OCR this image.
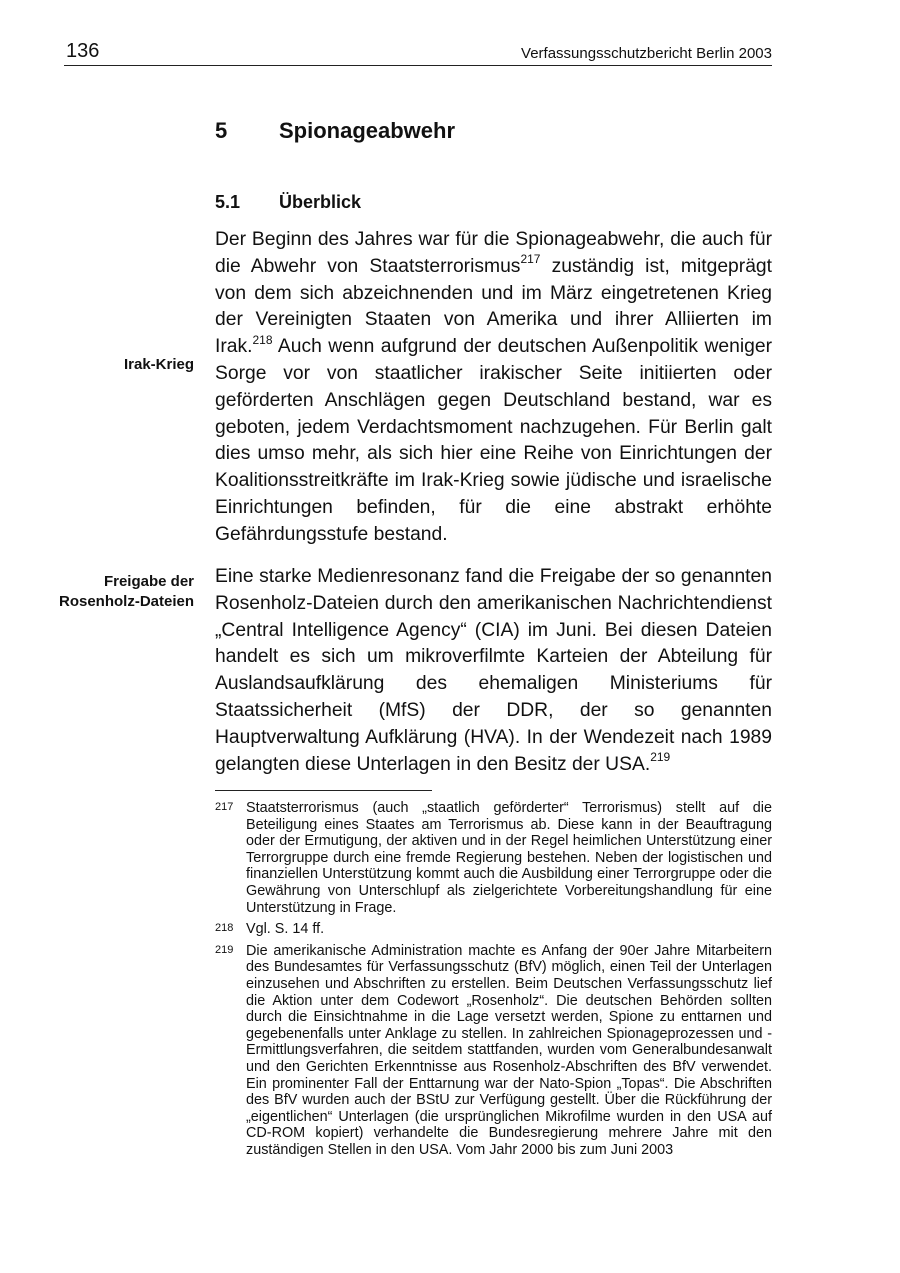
136	Verfassungsschutzbericht Berlin 2003
5 Spionageabwehr
5.1 Überblick
Irak-Krieg
Freigabe der
Rosenholz-Dateien

Der Beginn des Jahres war für die Spionageabwehr, die auch für die Abwehr von Staatsterrorismus$^{217}$ zuständig ist, mitgeprägt von dem sich abzeichnenden und im März eingetretenen Krieg der Vereinigten Staaten von Amerika und ihrer Alliierten im Irak.$^{218}$ Auch wenn aufgrund der deutschen Außenpolitik weniger Sorge vor von staatlicher irakischer Seite initiierten oder geförderten Anschlägen gegen Deutschland bestand, war es geboten, jedem Verdachtsmoment nachzugehen. Für Berlin galt dies umso mehr, als sich hier eine Reihe von Einrichtungen der Koalitionsstreitkräfte im Irak-Krieg sowie jüdische und israelische Einrichtungen befinden, für die eine abstrakt erhöhte Gefährdungsstufe bestand.

Eine starke Medienresonanz fand die Freigabe der so genannten Rosenholz-Dateien durch den amerikanischen Nachrichtendienst „Central Intelligence Agency“ (CIA) im Juni. Bei diesen Dateien handelt es sich um mikroverfilmte Karteien der Abteilung für Auslandsaufklärung des ehemaligen Ministeriums für Staatssicherheit (MfS) der DDR, der so genannten Hauptverwaltung Aufklärung (HVA). In der Wendezeit nach 1989 gelangten diese Unterlagen in den Besitz der USA.$^{219}$

217 Staatsterrorismus (auch „staatlich geförderter“ Terrorismus) stellt auf die Beteiligung eines Staates am Terrorismus ab. Diese kann in der Beauftragung oder der Ermutigung, der aktiven und in der Regel heimlichen Unterstützung einer Terrorgruppe durch eine fremde Regierung bestehen. Neben der logistischen und finanziellen Unterstützung kommt auch die Ausbildung einer Terrorgruppe oder die Gewährung von Unterschlupf als zielgerichtete Vorbereitungshandlung für eine Unterstützung in Frage.

218 Vgl. S. 14 ff.

219 Die amerikanische Administration machte es Anfang der 90er Jahre Mitarbeitern des Bundesamtes für Verfassungsschutz (BfV) möglich, einen Teil der Unterlagen einzusehen und Abschriften zu erstellen. Beim Deutschen Verfassungsschutz lief die Aktion unter dem Codewort „Rosenholz“. Die deutschen Behörden sollten durch die Einsichtnahme in die Lage versetzt werden, Spione zu enttarnen und gegebenenfalls unter Anklage zu stellen. In zahlreichen Spionageprozessen und -Ermittlungsverfahren, die seitdem stattfanden, wurden vom Generalbundesanwalt und den Gerichten Erkenntnisse aus Rosenholz-Abschriften des BfV verwendet. Ein prominenter Fall der Enttarnung war der Nato-Spion „Topas“. Die Abschriften des BfV wurden auch der BStU zur Verfügung gestellt. Über die Rückführung der „eigentlichen“ Unterlagen (die ursprünglichen Mikrofilme wurden in den USA auf CD-ROM kopiert) verhandelte die Bundesregierung mehrere Jahre mit den zuständigen Stellen in den USA. Vom Jahr 2000 bis zum Juni 2003
